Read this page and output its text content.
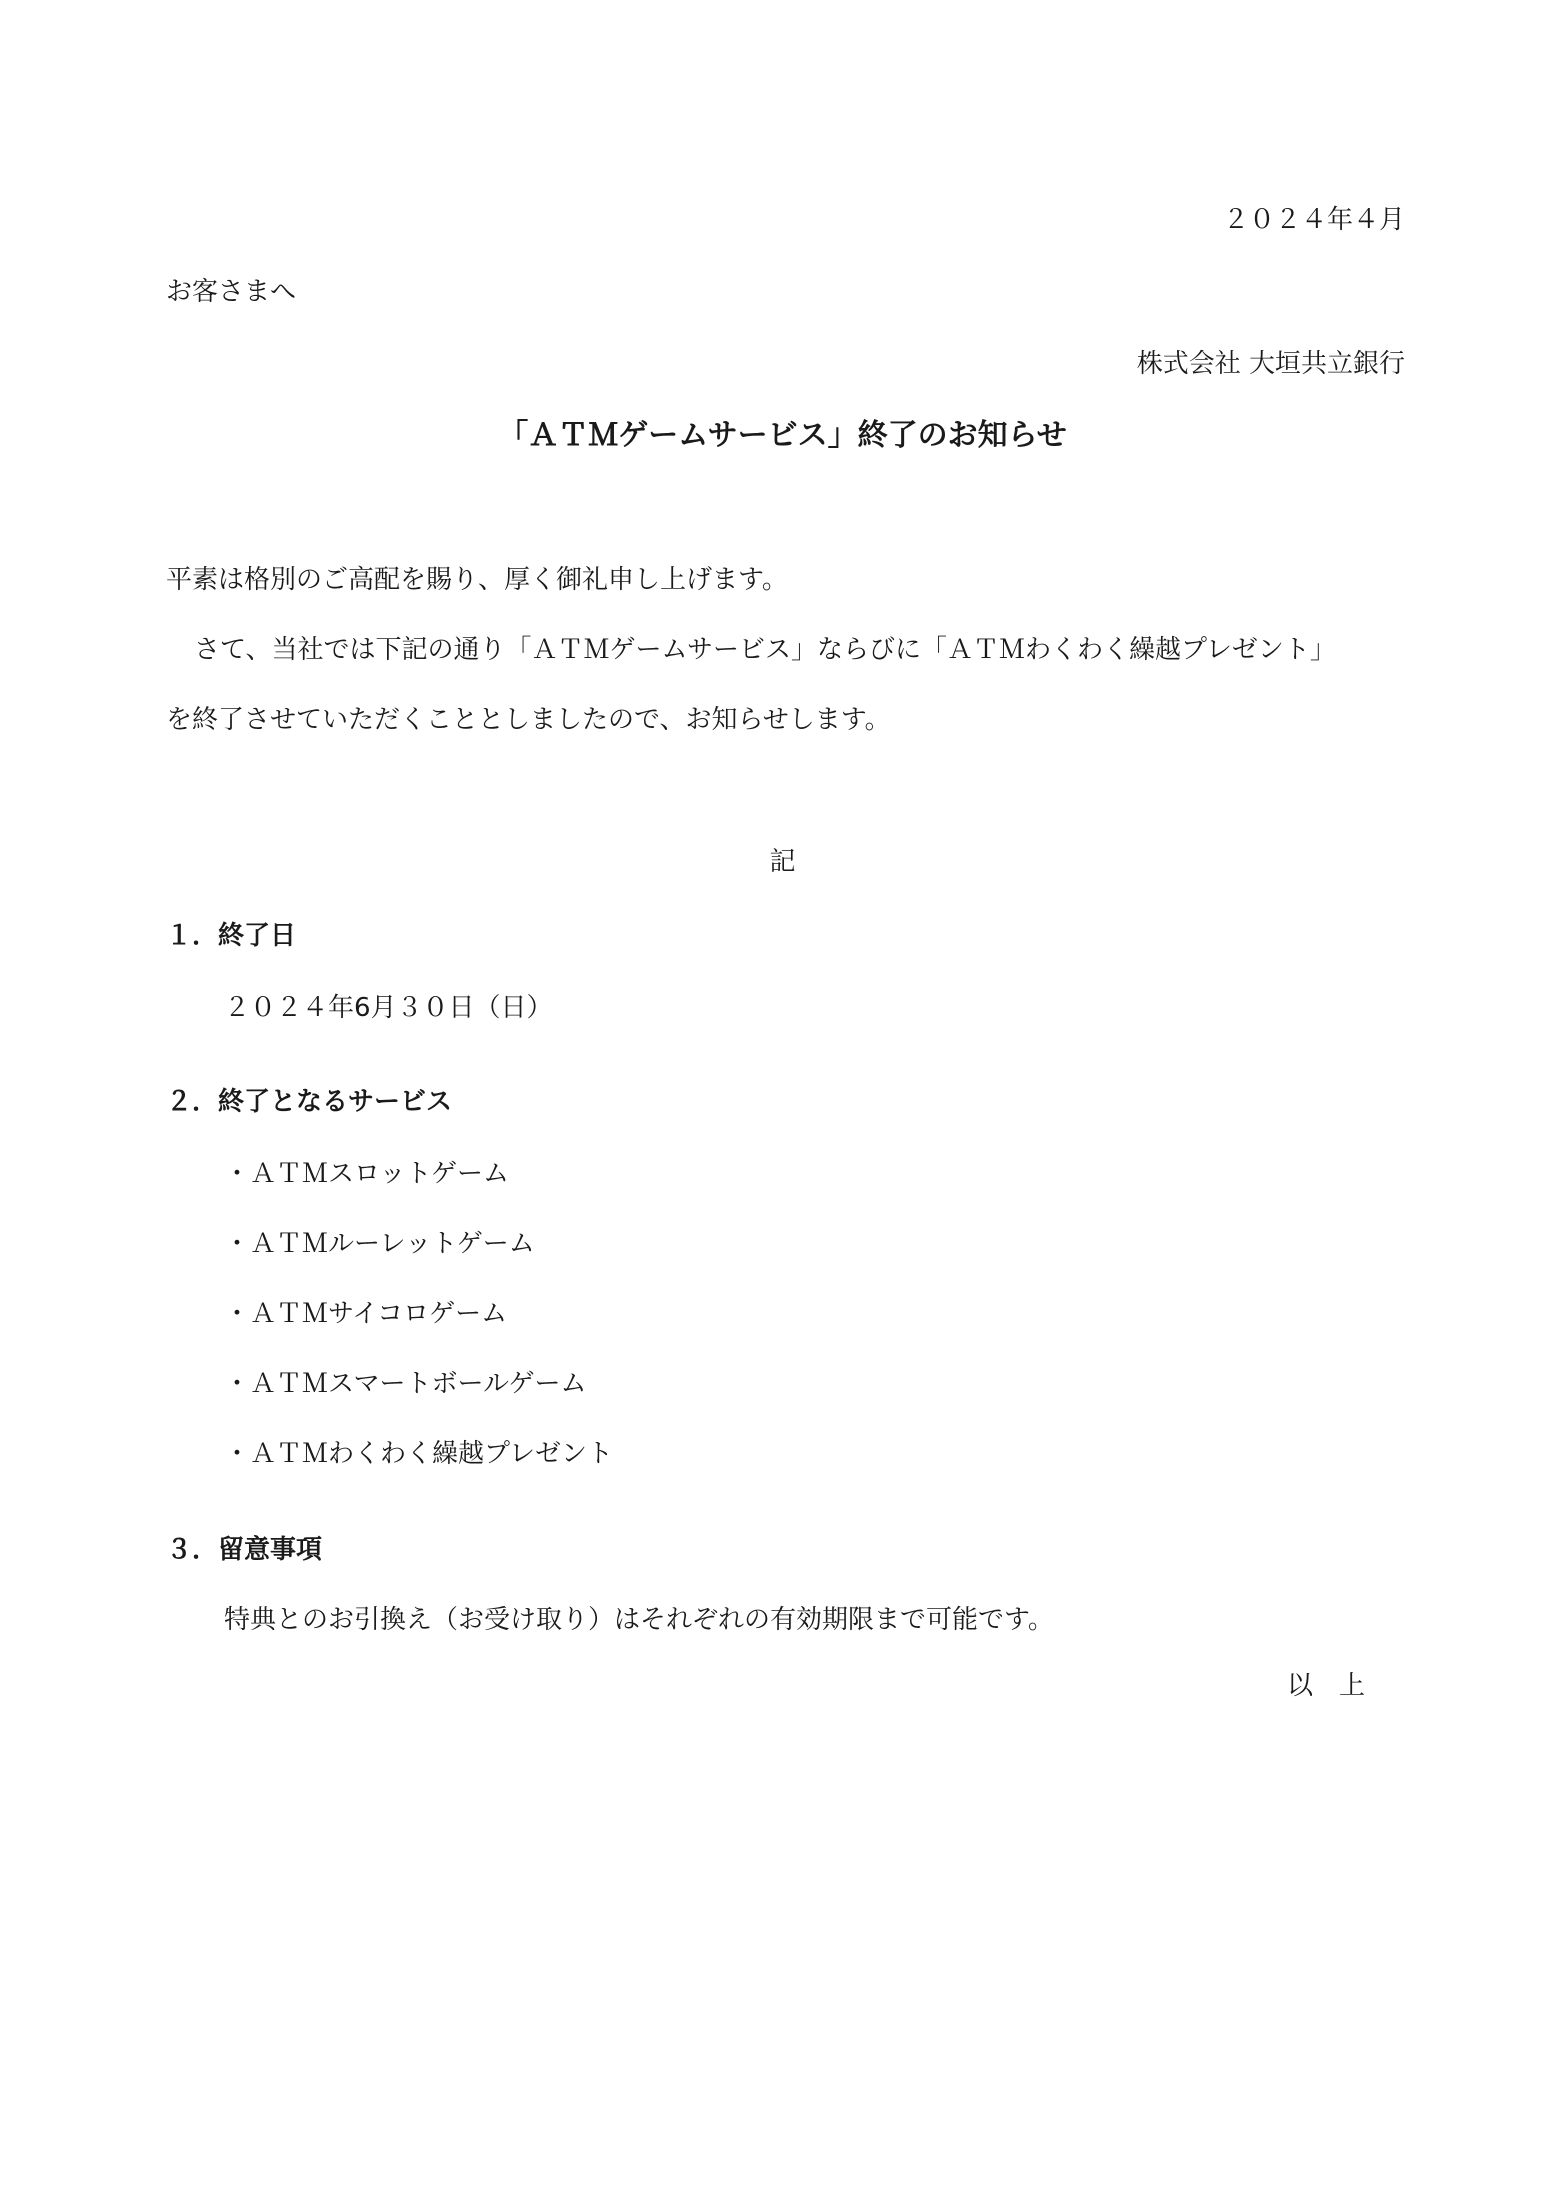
２０２４年４月
お客さまへ
株式会社 大垣共立銀行
「ＡＴＭゲームサービス」終了のお知らせ
平素は格別のご高配を賜り、厚く御礼申し上げます。
さて、当社では下記の通り「ＡＴＭゲームサービス」ならびに「ＡＴＭわくわく繰越プレゼント」
を終了させていただくこととしましたので、お知らせします。
記
１．終了日
２０２４年6月３０日（日）
２．終了となるサービス
・ＡＴＭスロットゲーム
・ＡＴＭルーレットゲーム
・ＡＴＭサイコロゲーム
・ＡＴＭスマートボールゲーム
・ＡＴＭわくわく繰越プレゼント
３．留意事項
特典とのお引換え（お受け取り）はそれぞれの有効期限まで可能です。
以　上
